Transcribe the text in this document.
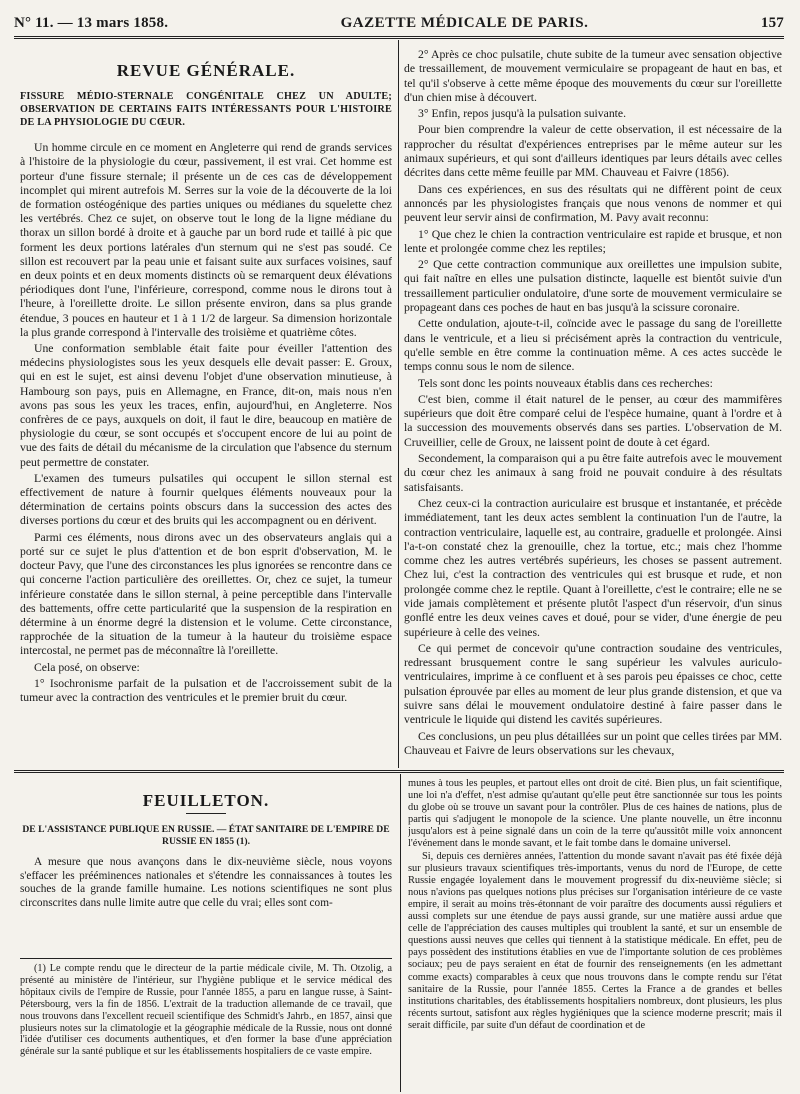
N° 11. — 13 mars 1858.	GAZETTE MÉDICALE DE PARIS.	157
REVUE GÉNÉRALE.

FISSURE MÉDIO-STERNALE CONGÉNITALE CHEZ UN ADULTE; OBSERVATION DE CERTAINS FAITS INTÉRESSANTS POUR L'HISTOIRE DE LA PHYSIOLOGIE DU CŒUR.

Un homme circule en ce moment en Angleterre qui rend de grands services à l'histoire de la physiologie du cœur, passivement, il est vrai. Cet homme est porteur d'une fissure sternale; il présente un de ces cas de développement incomplet qui mirent autrefois M. Serres sur la voie de la découverte de la loi de formation ostéogénique des parties uniques ou médianes du squelette chez les vertébrés. Chez ce sujet, on observe tout le long de la ligne médiane du thorax un sillon bordé à droite et à gauche par un bord rude et taillé à pic que forment les deux portions latérales d'un sternum qui ne s'est pas soudé. Ce sillon est recouvert par la peau unie et faisant suite aux surfaces voisines, sauf en deux points et en deux moments distincts où se remarquent deux élévations périodiques dont l'une, l'inférieure, correspond, comme nous le dirons tout à l'heure, à l'oreillette droite. Le sillon présente environ, dans sa plus grande étendue, 3 pouces en hauteur et 1 à 1 1/2 de largeur. Sa dimension horizontale la plus grande correspond à l'intervalle des troisième et quatrième côtes.

Une conformation semblable était faite pour éveiller l'attention des médecins physiologistes sous les yeux desquels elle devait passer: E. Groux, qui en est le sujet, est ainsi devenu l'objet d'une observation minutieuse, à Hambourg son pays, puis en Allemagne, en France, dit-on, mais nous n'en avons pas sous les yeux les traces, enfin, aujourd'hui, en Angleterre. Nos confrères de ce pays, auxquels on doit, il faut le dire, beaucoup en matière de physiologie du cœur, se sont occupés et s'occupent encore de lui au point de vue des faits de détail du mécanisme de la circulation que l'absence du sternum peut permettre de constater.

L'examen des tumeurs pulsatiles qui occupent le sillon sternal est effectivement de nature à fournir quelques éléments nouveaux pour la détermination de certains points obscurs dans la succession des actes des diverses portions du cœur et des bruits qui les accompagnent ou en dérivent.

Parmi ces éléments, nous dirons avec un des observateurs anglais qui a porté sur ce sujet le plus d'attention et de bon esprit d'observation, M. le docteur Pavy, que l'une des circonstances les plus ignorées se rencontre dans ce qui concerne l'action particulière des oreillettes. Or, chez ce sujet, la tumeur inférieure constatée dans le sillon sternal, à peine perceptible dans l'intervalle des battements, offre cette particularité que la suspension de la respiration en détermine à un énorme degré la distension et le volume. Cette circonstance, rapprochée de la situation de la tumeur à la hauteur du troisième espace intercostal, ne permet pas de méconnaître là l'oreillette.

Cela posé, on observe:

1° Isochronisme parfait de la pulsation et de l'accroissement subit de la tumeur avec la contraction des ventricules et le premier bruit du cœur.

2° Après ce choc pulsatile, chute subite de la tumeur avec sensation objective de tressaillement, de mouvement vermiculaire se propageant de haut en bas, et tel qu'il s'observe à cette même époque des mouvements du cœur sur l'oreillette d'un chien mise à découvert.

3° Enfin, repos jusqu'à la pulsation suivante.

Pour bien comprendre la valeur de cette observation, il est nécessaire de la rapprocher du résultat d'expériences entreprises par le même auteur sur les animaux supérieurs, et qui sont d'ailleurs identiques par leurs détails avec celles décrites dans cette même feuille par MM. Chauveau et Faivre (1856).

Dans ces expériences, en sus des résultats qui ne diffèrent point de ceux annoncés par les physiologistes français que nous venons de nommer et qui peuvent leur servir ainsi de confirmation, M. Pavy avait reconnu:

1° Que chez le chien la contraction ventriculaire est rapide et brusque, et non lente et prolongée comme chez les reptiles;

2° Que cette contraction communique aux oreillettes une impulsion subite, qui fait naître en elles une pulsation distincte, laquelle est bientôt suivie d'un tressaillement particulier ondulatoire, d'une sorte de mouvement vermiculaire se propageant dans ces poches de haut en bas jusqu'à la scissure coronaire.

Cette ondulation, ajoute-t-il, coïncide avec le passage du sang de l'oreillette dans le ventricule, et a lieu si précisément après la contraction du ventricule, qu'elle semble en être comme la continuation même. A ces actes succède le temps connu sous le nom de silence.

Tels sont donc les points nouveaux établis dans ces recherches:

C'est bien, comme il était naturel de le penser, au cœur des mammifères supérieurs que doit être comparé celui de l'espèce humaine, quant à l'ordre et à la succession des mouvements observés dans ses parties. L'observation de M. Cruveillier, celle de Groux, ne laissent point de doute à cet égard.

Secondement, la comparaison qui a pu être faite autrefois avec le mouvement du cœur chez les animaux à sang froid ne pouvait conduire à des résultats satisfaisants.

Chez ceux-ci la contraction auriculaire est brusque et instantanée, et précède immédiatement, tant les deux actes semblent la continuation l'un de l'autre, la contraction ventriculaire, laquelle est, au contraire, graduelle et prolongée. Ainsi l'a-t-on constaté chez la grenouille, chez la tortue, etc.; mais chez l'homme comme chez les autres vertébrés supérieurs, les choses se passent autrement. Chez lui, c'est la contraction des ventricules qui est brusque et rude, et non prolongée comme chez le reptile. Quant à l'oreillette, c'est le contraire; elle ne se vide jamais complètement et présente plutôt l'aspect d'un réservoir, d'un sinus gonflé entre les deux veines caves et doué, pour se vider, d'une énergie de peu supérieure à celle des veines.

Ce qui permet de concevoir qu'une contraction soudaine des ventricules, redressant brusquement contre le sang supérieur les valvules auriculo-ventriculaires, imprime à ce confluent et à ses parois peu épaisses ce choc, cette pulsation éprouvée par elles au moment de leur plus grande distension, et que va suivre sans délai le mouvement ondulatoire destiné à faire passer dans le ventricule le liquide qui distend les cavités supérieures.

Ces conclusions, un peu plus détaillées sur un point que celles tirées par MM. Chauveau et Faivre de leurs observations sur les chevaux,

FEUILLETON.
DE L'ASSISTANCE PUBLIQUE EN RUSSIE. — ÉTAT SANITAIRE DE L'EMPIRE DE RUSSIE EN 1855 (1).

A mesure que nous avançons dans le dix-neuvième siècle, nous voyons s'effacer les prééminences nationales et s'étendre les connaissances à toutes les souches de la grande famille humaine. Les notions scientifiques ne sont plus circonscrites dans nulle limite autre que celle du vrai; elles sont com-

(1) Le compte rendu que le directeur de la partie médicale civile, M. Th. Otzolig, a présenté au ministère de l'intérieur, sur l'hygiène publique et le service médical des hôpitaux civils de l'empire de Russie, pour l'année 1855, a paru en langue russe, à Saint-Pétersbourg, vers la fin de 1856. L'extrait de la traduction allemande de ce travail, que nous trouvons dans l'excellent recueil scientifique des Schmidt's Jahrb., en 1857, ainsi que plusieurs notes sur la climatologie et la géographie médicale de la Russie, nous ont donné l'idée d'utiliser ces documents authentiques, et d'en former la base d'une appréciation générale sur la santé publique et sur les établissements hospitaliers de ce vaste empire.

munes à tous les peuples, et partout elles ont droit de cité. Bien plus, un fait scientifique, une loi n'a d'effet, n'est admise qu'autant qu'elle peut être sanctionnée sur tous les points du globe où se trouve un savant pour la contrôler. Plus de ces haines de nations, plus de partis qui s'adjugent le monopole de la science. Une plante nouvelle, un être inconnu jusqu'alors est à peine signalé dans un coin de la terre qu'aussitôt mille voix annoncent l'événement dans le monde savant, et le fait tombe dans le domaine universel.

Si, depuis ces dernières années, l'attention du monde savant n'avait pas été fixée déjà sur plusieurs travaux scientifiques très-importants, venus du nord de l'Europe, de cette Russie engagée loyalement dans le mouvement progressif du dix-neuvième siècle; si nous n'avions pas quelques notions plus précises sur l'organisation intérieure de ce vaste empire, il serait au moins très-étonnant de voir paraître des documents aussi réguliers et aussi complets sur une étendue de pays aussi grande, sur une matière aussi ardue que celle de l'appréciation des causes multiples qui troublent la santé, et sur un ensemble de questions aussi neuves que celles qui tiennent à la statistique médicale. En effet, peu de pays possèdent des institutions établies en vue de l'importante solution de ces problèmes sociaux; peu de pays seraient en état de fournir des renseignements (en les admettant comme exacts) comparables à ceux que nous trouvons dans le compte rendu sur l'état sanitaire de la Russie, pour l'année 1855. Certes la France a de grandes et belles institutions charitables, des établissements hospitaliers nombreux, dont plusieurs, les plus récents surtout, satisfont aux règles hygiéniques que la science moderne prescrit; mais il serait difficile, par suite d'un défaut de coordination et de
